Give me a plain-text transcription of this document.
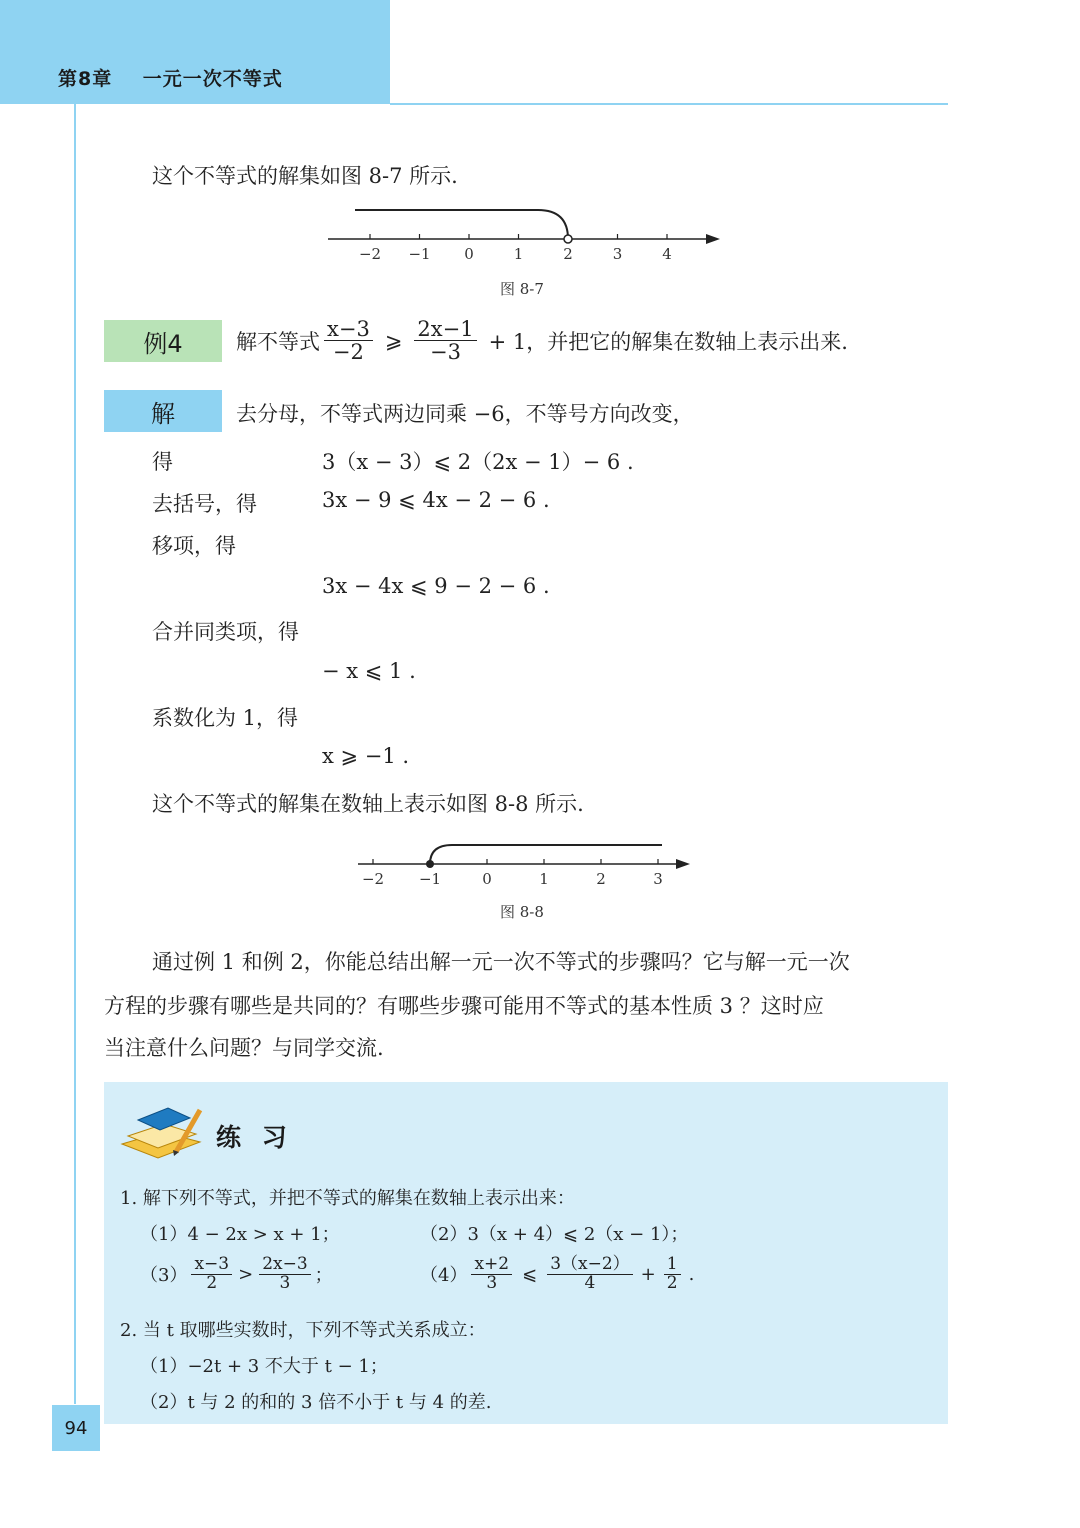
第8章 一元一次不等式
94
这个不等式的解集如图 8-7 所示.
−2 −1 0	1	2	3	4
图 8-7
例4	解不等式 $\frac{x-3}{-2}$ ⩾ $\frac{2x-1}{-3} + 1$，并把它的解集在数轴上表示出来.
解	去分母，不等式两边同乘 −6，不等号方向改变，
得	3（x − 3）⩽ 2（2x − 1）− 6 .
去括号，得	3x − 9 ⩽ 4x − 2 − 6 .
移项，得
3x − 4x ⩽ 9 − 2 − 6 .
合并同类项，得
− x ⩽ 1 .
系数化为 1，得
x ⩾ −1 .
这个不等式的解集在数轴上表示如图 8-8 所示.
−2 −1	0	1	2	3
图 8-8
通过例 1 和例 2，你能总结出解一元一次不等式的步骤吗？它与解一元一次
方程的步骤有哪些是共同的？有哪些步骤可能用不等式的基本性质 3 ？这时应
当注意什么问题？与同学交流.
练 习
1. 解下列不等式，并把不等式的解集在数轴上表示出来：
（1）4 − 2x > x + 1；	（2）3（x + 4）⩽ 2（x − 1）；
$(3) \frac{x-3}{2} > \frac{2x-3}{3}$ ；	$(4) \frac{x+2}{3}$ ⩽ $\frac{3(x-2)}{4} + \frac{1}{2}$ .
2. 当 t 取哪些实数时，下列不等式关系成立：
（1）−2t + 3 不大于 t − 1；
（2）t 与 2 的和的 3 倍不小于 t 与 4 的差.
